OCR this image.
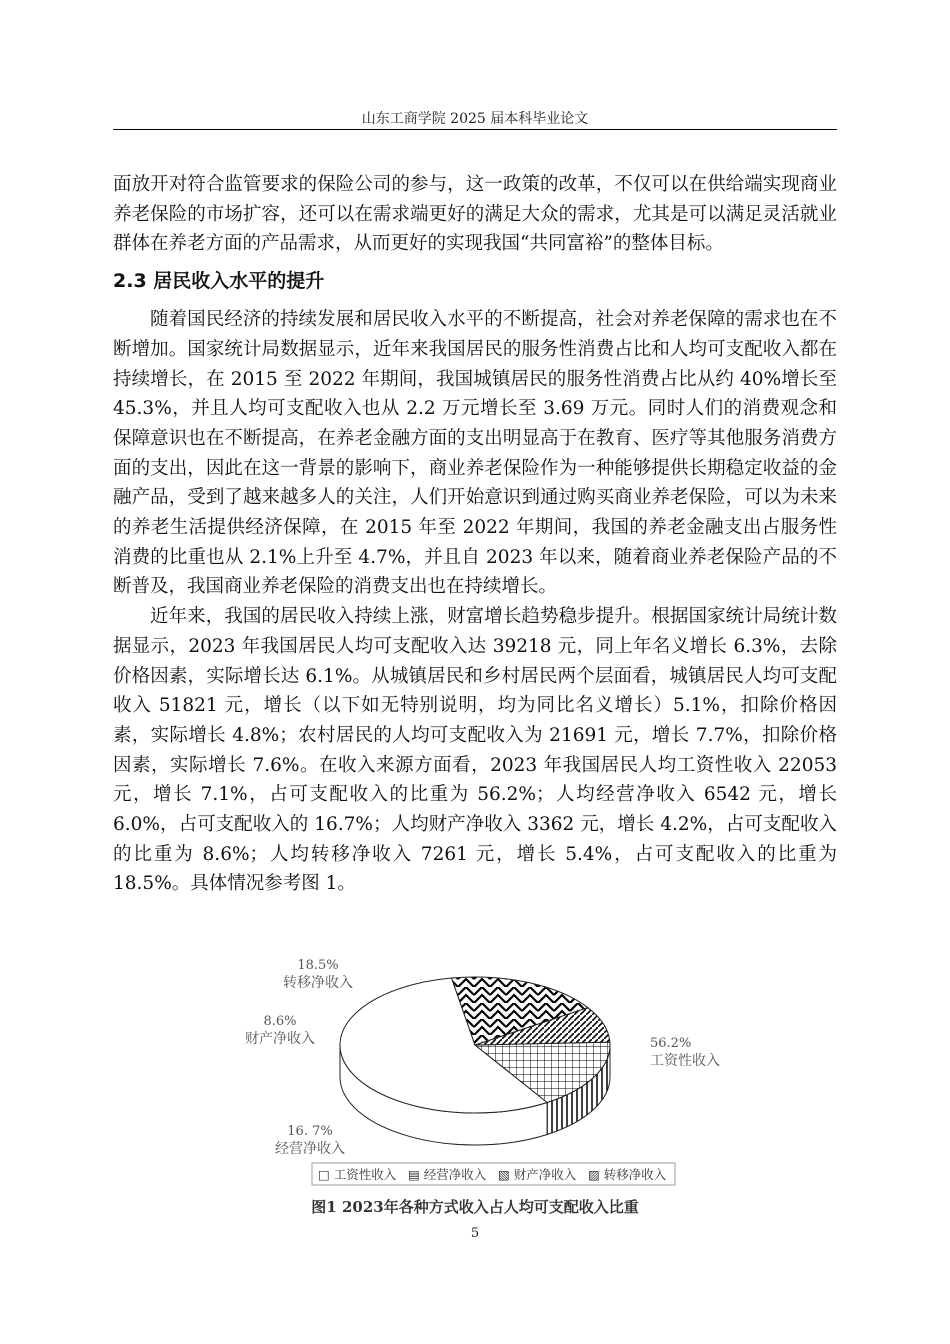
山东工商学院 2025 届本科毕业论文

面放开对符合监管要求的保险公司的参与，这一政策的改革，不仅可以在供给端实现商业养老保险的市场扩容，还可以在需求端更好的满足大众的需求，尤其是可以满足灵活就业群体在养老方面的产品需求，从而更好的实现我国“共同富裕”的整体目标。

2.3 居民收入水平的提升

随着国民经济的持续发展和居民收入水平的不断提高，社会对养老保障的需求也在不断增加。国家统计局数据显示，近年来我国居民的服务性消费占比和人均可支配收入都在持续增长，在 2015 至 2022 年期间，我国城镇居民的服务性消费占比从约 40%增长至 45.3%，并且人均可支配收入也从 2.2 万元增长至 3.69 万元。同时人们的消费观念和保障意识也在不断提高，在养老金融方面的支出明显高于在教育、医疗等其他服务消费方面的支出，因此在这一背景的影响下，商业养老保险作为一种能够提供长期稳定收益的金融产品，受到了越来越多人的关注，人们开始意识到通过购买商业养老保险，可以为未来的养老生活提供经济保障，在 2015 年至 2022 年期间，我国的养老金融支出占服务性消费的比重也从 2.1%上升至 4.7%，并且自 2023 年以来，随着商业养老保险产品的不断普及，我国商业养老保险的消费支出也在持续增长。

近年来，我国的居民收入持续上涨，财富增长趋势稳步提升。根据国家统计局统计数据显示，2023 年我国居民人均可支配收入达 39218 元，同上年名义增长 6.3%，去除价格因素，实际增长达 6.1%。从城镇居民和乡村居民两个层面看，城镇居民人均可支配收入 51821 元，增长（以下如无特别说明，均为同比名义增长）5.1%，扣除价格因素，实际增长 4.8%；农村居民的人均可支配收入为 21691 元，增长 7.7%，扣除价格因素，实际增长 7.6%。在收入来源方面看，2023 年我国居民人均工资性收入 22053 元，增长 7.1%，占可支配收入的比重为 56.2%；人均经营净收入 6542 元，增长 6.0%，占可支配收入的 16.7%；人均财产净收入 3362 元，增长 4.2%，占可支配收入的比重为 8.6%；人均转移净收入 7261 元，增长 5.4%，占可支配收入的比重为 18.5%。具体情况参考图 1。

56.2%
工资性收入
16. 7%
经营净收入
8.6%
财产净收入
18.5%
转移净收入
□ 工资性收入 ▤ 经营净收入 ▧ 财产净收入 ▨ 转移净收入
图1 2023年各种方式收入占人均可支配收入比重
5
